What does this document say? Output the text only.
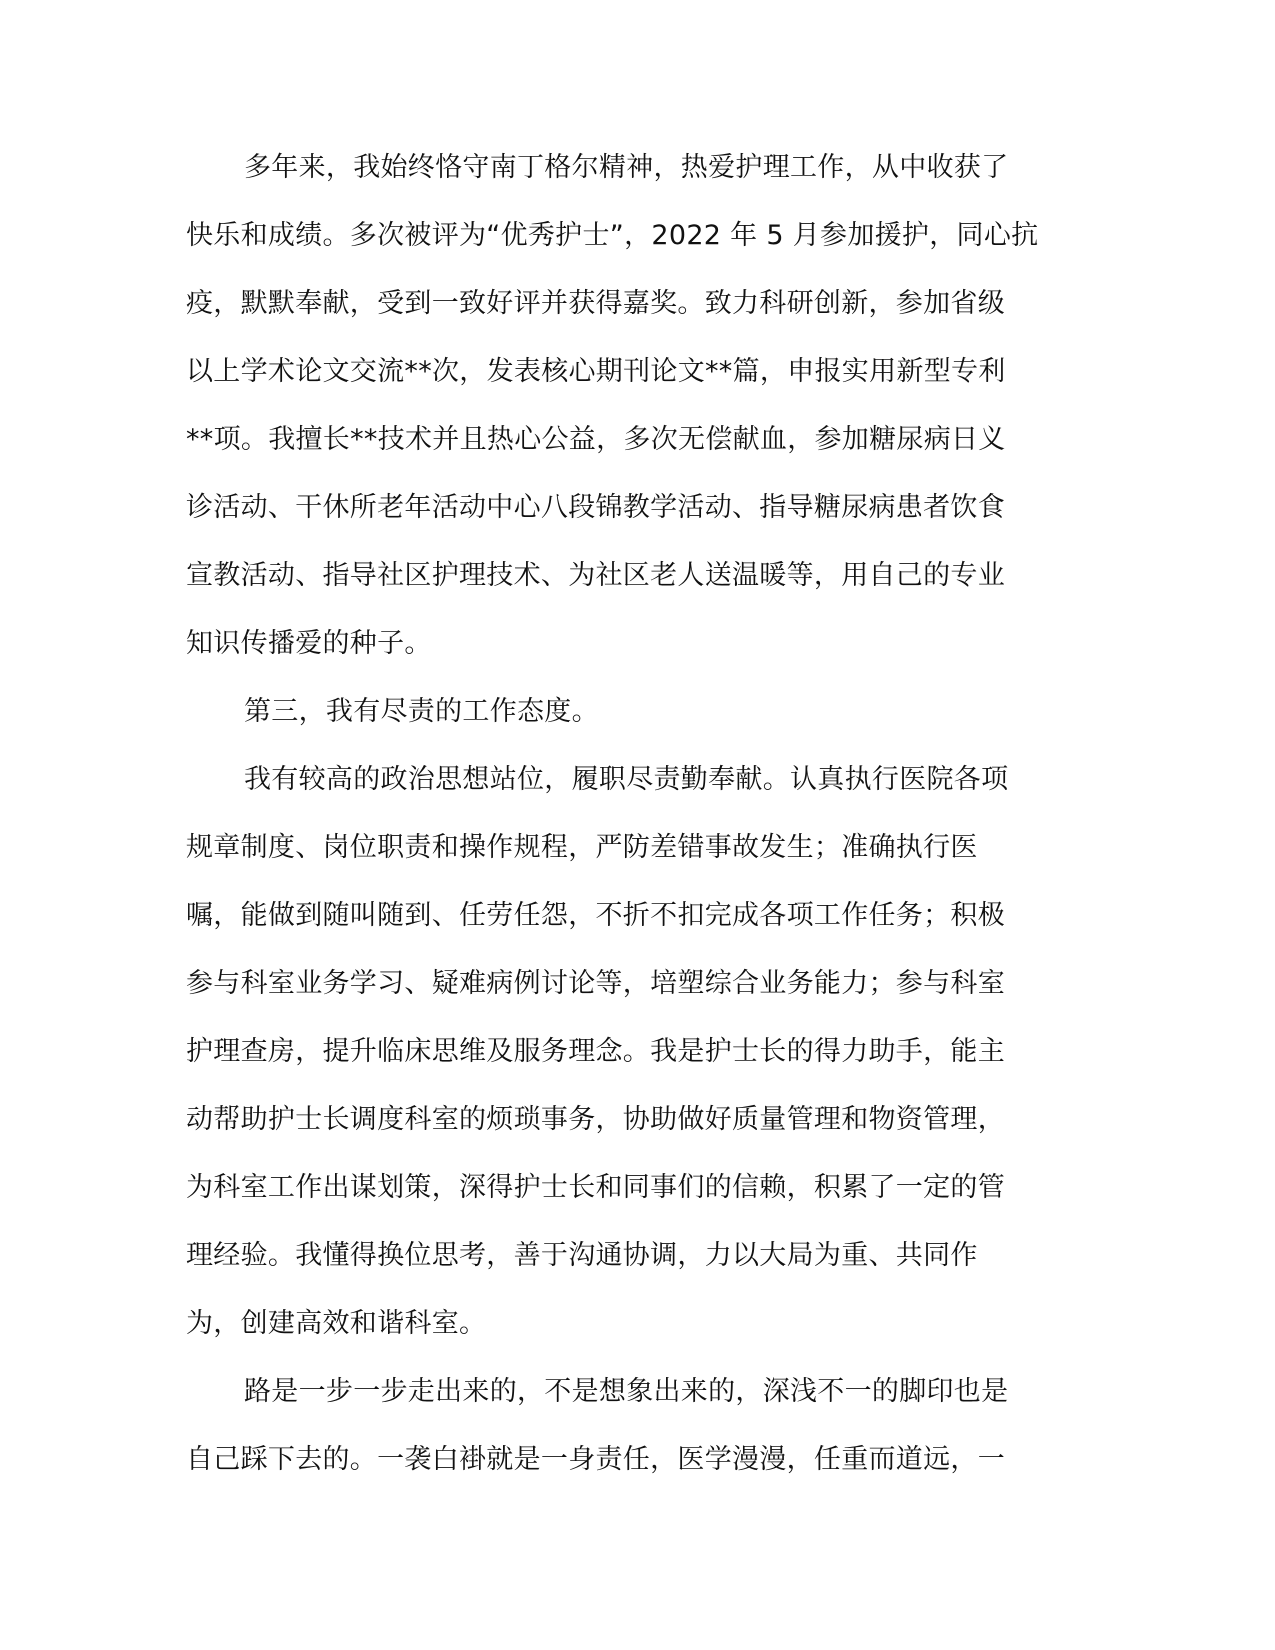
多年来，我始终恪守南丁格尔精神，热爱护理工作，从中收获了
快乐和成绩。多次被评为“优秀护士”，2022 年 5 月参加援护，同心抗
疫，默默奉献，受到一致好评并获得嘉奖。致力科研创新，参加省级
以上学术论文交流**次，发表核心期刊论文**篇，申报实用新型专利
**项。我擅长**技术并且热心公益，多次无偿献血，参加糖尿病日义
诊活动、干休所老年活动中心八段锦教学活动、指导糖尿病患者饮食
宣教活动、指导社区护理技术、为社区老人送温暖等，用自己的专业
知识传播爱的种子。
第三，我有尽责的工作态度。
我有较高的政治思想站位，履职尽责勤奉献。认真执行医院各项
规章制度、岗位职责和操作规程，严防差错事故发生；准确执行医
嘱，能做到随叫随到、任劳任怨，不折不扣完成各项工作任务；积极
参与科室业务学习、疑难病例讨论等，培塑综合业务能力；参与科室
护理查房，提升临床思维及服务理念。我是护士长的得力助手，能主
动帮助护士长调度科室的烦琐事务，协助做好质量管理和物资管理，
为科室工作出谋划策，深得护士长和同事们的信赖，积累了一定的管
理经验。我懂得换位思考，善于沟通协调，力以大局为重、共同作
为，创建高效和谐科室。
路是一步一步走出来的，不是想象出来的，深浅不一的脚印也是
自己踩下去的。一袭白褂就是一身责任，医学漫漫，任重而道远，一
